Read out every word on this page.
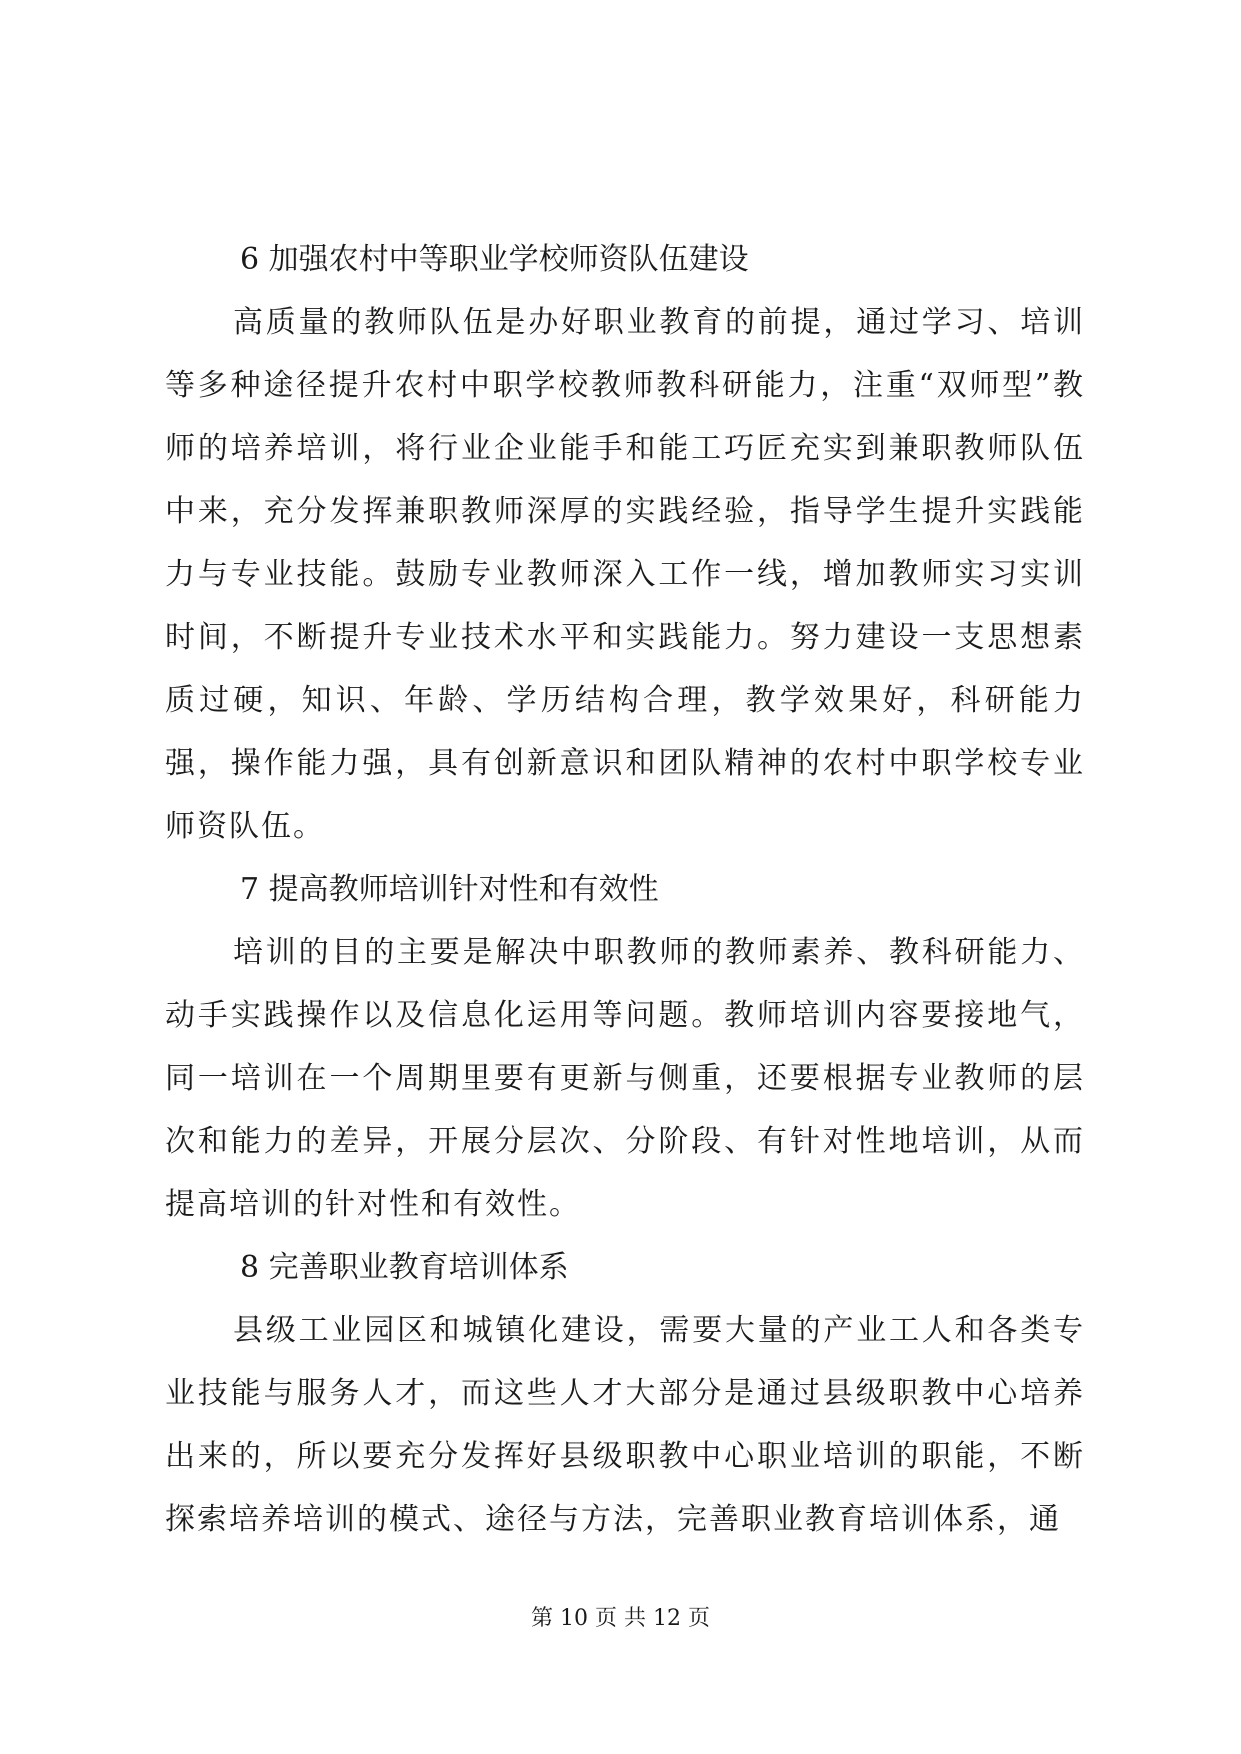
6 加强农村中等职业学校师资队伍建设

高质量的教师队伍是办好职业教育的前提，通过学习、培训等多种途径提升农村中职学校教师教科研能力，注重“双师型”教师的培养培训，将行业企业能手和能工巧匠充实到兼职教师队伍中来，充分发挥兼职教师深厚的实践经验，指导学生提升实践能力与专业技能。鼓励专业教师深入工作一线，增加教师实习实训时间，不断提升专业技术水平和实践能力。努力建设一支思想素质过硬，知识、年龄、学历结构合理，教学效果好，科研能力强，操作能力强，具有创新意识和团队精神的农村中职学校专业师资队伍。

7 提高教师培训针对性和有效性

培训的目的主要是解决中职教师的教师素养、教科研能力、动手实践操作以及信息化运用等问题。教师培训内容要接地气，同一培训在一个周期里要有更新与侧重，还要根据专业教师的层次和能力的差异，开展分层次、分阶段、有针对性地培训，从而提高培训的针对性和有效性。

8 完善职业教育培训体系

县级工业园区和城镇化建设，需要大量的产业工人和各类专业技能与服务人才，而这些人才大部分是通过县级职教中心培养出来的，所以要充分发挥好县级职教中心职业培训的职能，不断探索培养培训的模式、途径与方法，完善职业教育培训体系，通

第 10 页 共 12 页
